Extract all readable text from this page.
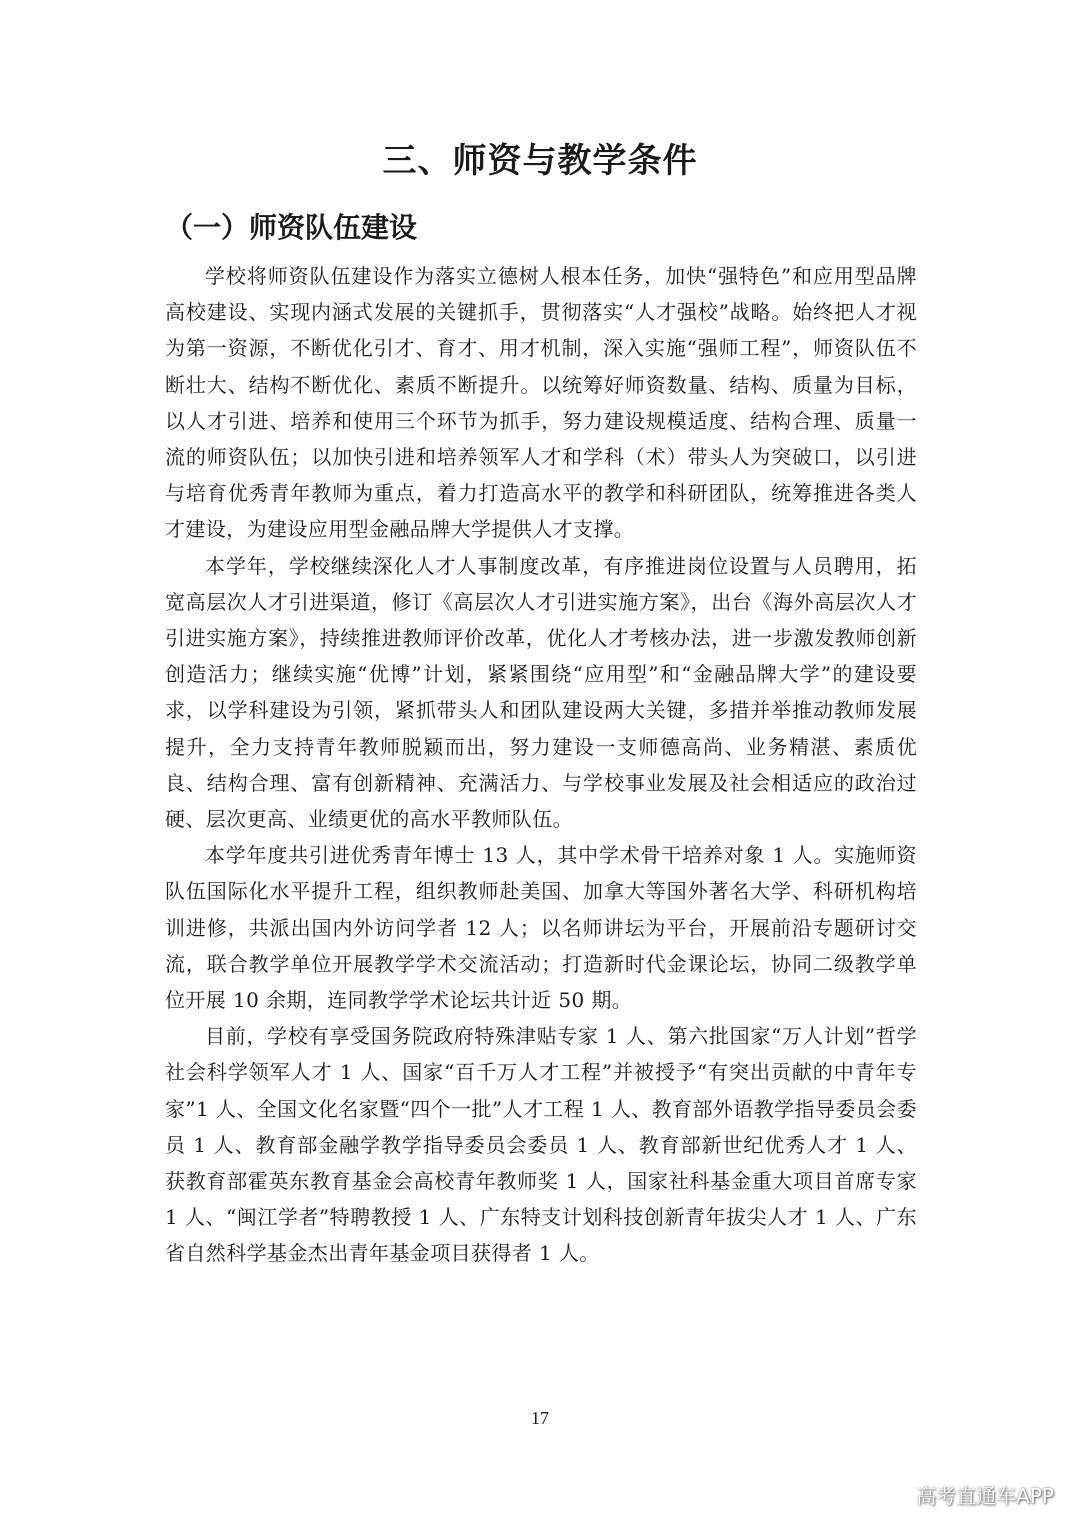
三、师资与教学条件
（一）师资队伍建设

学校将师资队伍建设作为落实立德树人根本任务，加快“强特色”和应用型品牌高校建设、实现内涵式发展的关键抓手，贯彻落实“人才强校”战略。始终把人才视为第一资源，不断优化引才、育才、用才机制，深入实施“强师工程”，师资队伍不断壮大、结构不断优化、素质不断提升。以统筹好师资数量、结构、质量为目标，以人才引进、培养和使用三个环节为抓手，努力建设规模适度、结构合理、质量一流的师资队伍；以加快引进和培养领军人才和学科（术）带头人为突破口，以引进与培育优秀青年教师为重点，着力打造高水平的教学和科研团队，统筹推进各类人才建设，为建设应用型金融品牌大学提供人才支撑。

本学年，学校继续深化人才人事制度改革，有序推进岗位设置与人员聘用，拓宽高层次人才引进渠道，修订《高层次人才引进实施方案》，出台《海外高层次人才引进实施方案》，持续推进教师评价改革，优化人才考核办法，进一步激发教师创新创造活力；继续实施“优博”计划，紧紧围绕“应用型”和“金融品牌大学”的建设要求，以学科建设为引领，紧抓带头人和团队建设两大关键，多措并举推动教师发展提升，全力支持青年教师脱颖而出，努力建设一支师德高尚、业务精湛、素质优良、结构合理、富有创新精神、充满活力、与学校事业发展及社会相适应的政治过硬、层次更高、业绩更优的高水平教师队伍。

本学年度共引进优秀青年博士 13 人，其中学术骨干培养对象 1 人。实施师资队伍国际化水平提升工程，组织教师赴美国、加拿大等国外著名大学、科研机构培训进修，共派出国内外访问学者 12 人；以名师讲坛为平台，开展前沿专题研讨交流，联合教学单位开展教学学术交流活动；打造新时代金课论坛，协同二级教学单位开展 10 余期，连同教学学术论坛共计近 50 期。

目前，学校有享受国务院政府特殊津贴专家 1 人、第六批国家“万人计划”哲学社会科学领军人才 1 人、国家“百千万人才工程”并被授予“有突出贡献的中青年专家”1 人、全国文化名家暨“四个一批”人才工程 1 人、教育部外语教学指导委员会委员 1 人、教育部金融学教学指导委员会委员 1 人、教育部新世纪优秀人才 1 人、获教育部霍英东教育基金会高校青年教师奖 1 人，国家社科基金重大项目首席专家 1 人、“闽江学者”特聘教授 1 人、广东特支计划科技创新青年拔尖人才 1 人、广东省自然科学基金杰出青年基金项目获得者 1 人。

17

高考直通车APP
